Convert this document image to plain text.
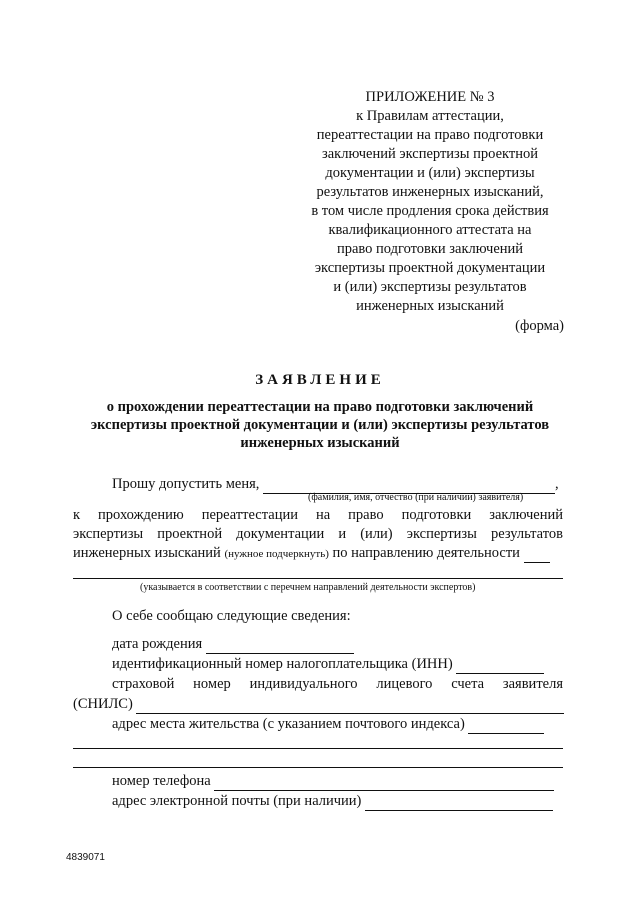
ПРИЛОЖЕНИЕ № 3
к Правилам аттестации,
переаттестации на право подготовки
заключений экспертизы проектной
документации и (или) экспертизы
результатов инженерных изысканий,
в том числе продления срока действия
квалификационного аттестата на
право подготовки заключений
экспертизы проектной документации
и (или) экспертизы результатов
инженерных изысканий
(форма)
ЗАЯВЛЕНИЕ
о прохождении переаттестации на право подготовки заключений
экспертизы проектной документации и (или) экспертизы результатов
инженерных изысканий
Прошу допустить меня,	,
(фамилия, имя, отчество (при наличии) заявителя)
к прохождению переаттестации на право подготовки заключений
экспертизы проектной документации и (или) экспертизы результатов
инженерных изысканий (нужное подчеркнуть) по направлению деятельности
(указывается в соответствии с перечнем направлений деятельности экспертов)
О себе сообщаю следующие сведения:
дата рождения
идентификационный номер налогоплательщика (ИНН)
страховой номер индивидуального лицевого счета заявителя
(СНИЛС)
адрес места жительства (с указанием почтового индекса)
номер телефона
адрес электронной почты (при наличии)
4839071
